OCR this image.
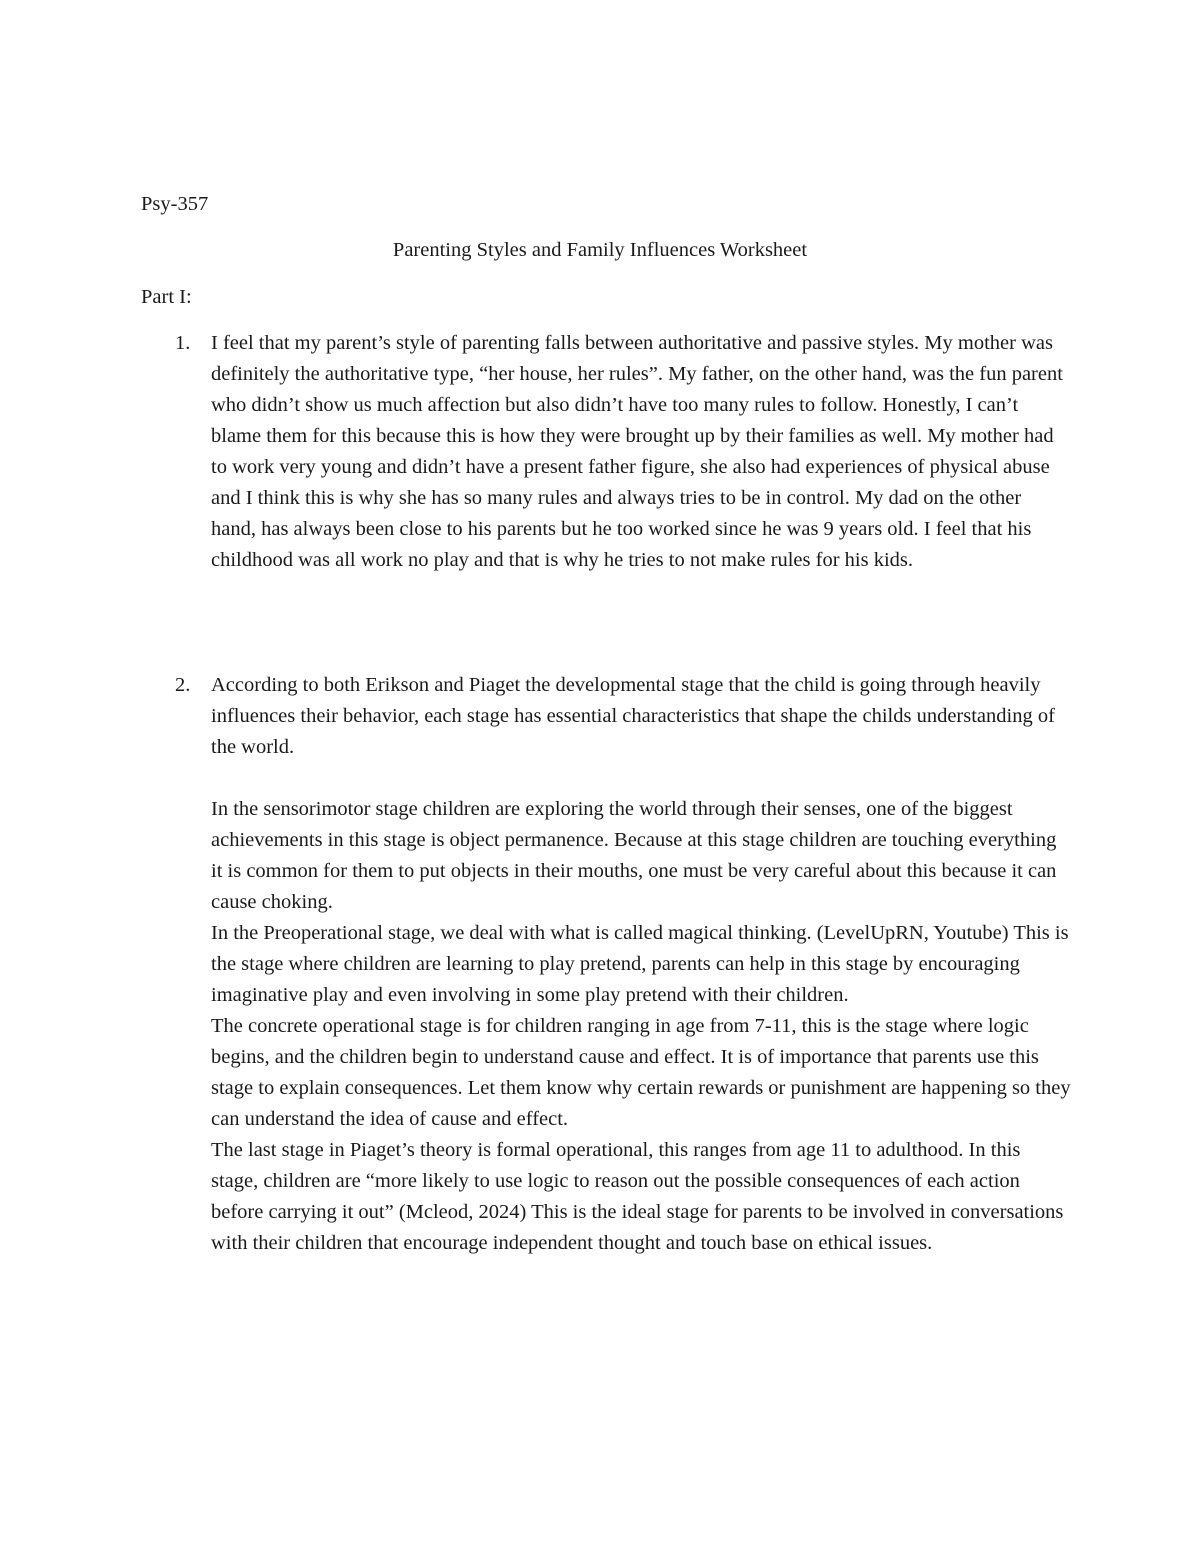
Psy-357

Parenting Styles and Family Influences Worksheet

Part I:

1. I feel that my parent’s style of parenting falls between authoritative and passive styles. My mother was definitely the authoritative type, “her house, her rules”. My father, on the other hand, was the fun parent who didn’t show us much affection but also didn’t have too many rules to follow. Honestly, I can’t blame them for this because this is how they were brought up by their families as well. My mother had to work very young and didn’t have a present father figure, she also had experiences of physical abuse and I think this is why she has so many rules and always tries to be in control. My dad on the other hand, has always been close to his parents but he too worked since he was 9 years old. I feel that his childhood was all work no play and that is why he tries to not make rules for his kids.

2. According to both Erikson and Piaget the developmental stage that the child is going through heavily influences their behavior, each stage has essential characteristics that shape the childs understanding of the world.

In the sensorimotor stage children are exploring the world through their senses, one of the biggest achievements in this stage is object permanence. Because at this stage children are touching everything it is common for them to put objects in their mouths, one must be very careful about this because it can cause choking.

In the Preoperational stage, we deal with what is called magical thinking. (LevelUpRN, Youtube) This is the stage where children are learning to play pretend, parents can help in this stage by encouraging imaginative play and even involving in some play pretend with their children.

The concrete operational stage is for children ranging in age from 7-11, this is the stage where logic begins, and the children begin to understand cause and effect. It is of importance that parents use this stage to explain consequences. Let them know why certain rewards or punishment are happening so they can understand the idea of cause and effect.

The last stage in Piaget’s theory is formal operational, this ranges from age 11 to adulthood. In this stage, children are “more likely to use logic to reason out the possible consequences of each action before carrying it out” (Mcleod, 2024) This is the ideal stage for parents to be involved in conversations with their children that encourage independent thought and touch base on ethical issues.
